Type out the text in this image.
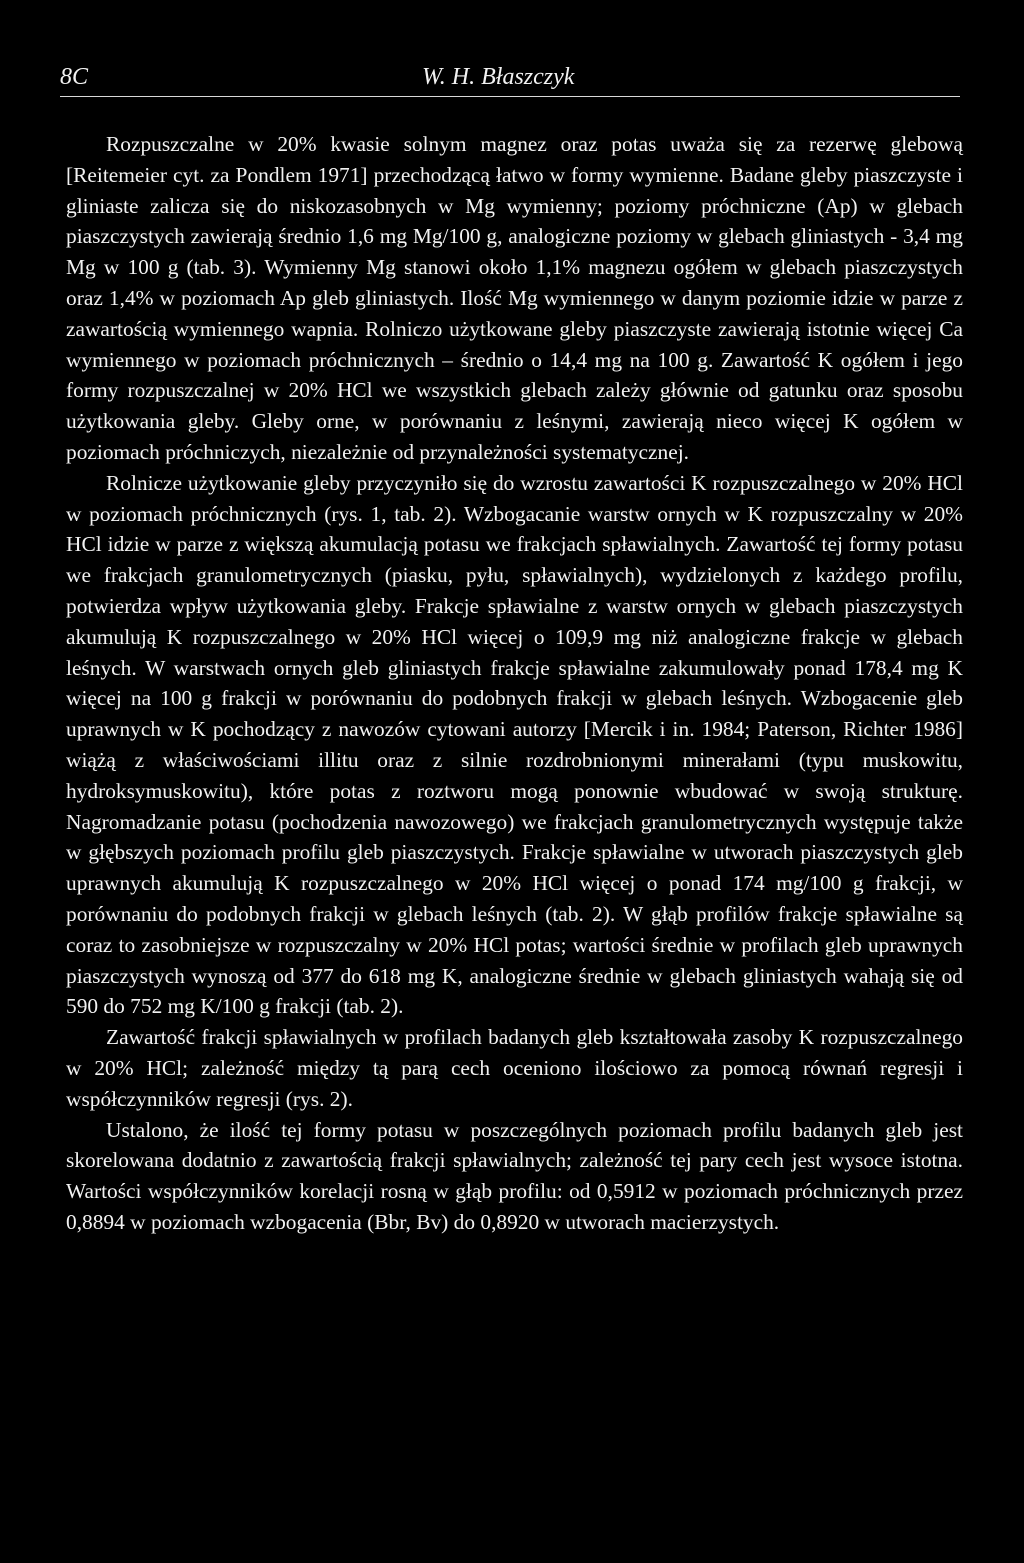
8C	W. H. Błaszczyk

Rozpuszczalne w 20% kwasie solnym magnez oraz potas uważa się za rezerwę glebową [Reitemeier cyt. za Pondlem 1971] przechodzącą łatwo w formy wymienne. Badane gleby piaszczyste i gliniaste zalicza się do niskozasobnych w Mg wymienny; poziomy próchniczne (Ap) w glebach piaszczystych zawierają średnio 1,6 mg Mg/100 g, analogiczne poziomy w glebach gliniastych - 3,4 mg Mg w 100 g (tab. 3). Wymienny Mg stanowi około 1,1% magnezu ogółem w glebach piaszczystych oraz 1,4% w poziomach Ap gleb gliniastych. Ilość Mg wymiennego w danym poziomie idzie w parze z zawartością wymiennego wapnia. Rolniczo użytkowane gleby piaszczyste zawierają istotnie więcej Ca wymiennego w poziomach próchnicznych – średnio o 14,4 mg na 100 g. Zawartość K ogółem i jego formy rozpuszczalnej w 20% HCl we wszystkich glebach zależy głównie od gatunku oraz sposobu użytkowania gleby. Gleby orne, w porównaniu z leśnymi, zawierają nieco więcej K ogółem w poziomach próchniczych, niezależnie od przynależności systematycznej.

Rolnicze użytkowanie gleby przyczyniło się do wzrostu zawartości K rozpuszczalnego w 20% HCl w poziomach próchnicznych (rys. 1, tab. 2). Wzbogacanie warstw ornych w K rozpuszczalny w 20% HCl idzie w parze z większą akumulacją potasu we frakcjach spławialnych. Zawartość tej formy potasu we frakcjach granulometrycznych (piasku, pyłu, spławialnych), wydzielonych z każdego profilu, potwierdza wpływ użytkowania gleby. Frakcje spławialne z warstw ornych w glebach piaszczystych akumulują K rozpuszczalnego w 20% HCl więcej o 109,9 mg niż analogiczne frakcje w glebach leśnych. W warstwach ornych gleb gliniastych frakcje spławialne zakumulowały ponad 178,4 mg K więcej na 100 g frakcji w porównaniu do podobnych frakcji w glebach leśnych. Wzbogacenie gleb uprawnych w K pochodzący z nawozów cytowani autorzy [Mercik i in. 1984; Paterson, Richter 1986] wiążą z właściwościami illitu oraz z silnie rozdrobnionymi minerałami (typu muskowitu, hydroksymuskowitu), które potas z roztworu mogą ponownie wbudować w swoją strukturę. Nagromadzanie potasu (pochodzenia nawozowego) we frakcjach granulometrycznych występuje także w głębszych poziomach profilu gleb piaszczystych. Frakcje spławialne w utworach piaszczystych gleb uprawnych akumulują K rozpuszczalnego w 20% HCl więcej o ponad 174 mg/100 g frakcji, w porównaniu do podobnych frakcji w glebach leśnych (tab. 2). W głąb profilów frakcje spławialne są coraz to zasobniejsze w rozpuszczalny w 20% HCl potas; wartości średnie w profilach gleb uprawnych piaszczystych wynoszą od 377 do 618 mg K, analogiczne średnie w glebach gliniastych wahają się od 590 do 752 mg K/100 g frakcji (tab. 2).

Zawartość frakcji spławialnych w profilach badanych gleb kształtowała zasoby K rozpuszczalnego w 20% HCl; zależność między tą parą cech oceniono ilościowo za pomocą równań regresji i współczynników regresji (rys. 2).

Ustalono, że ilość tej formy potasu w poszczególnych poziomach profilu badanych gleb jest skorelowana dodatnio z zawartością frakcji spławialnych; zależność tej pary cech jest wysoce istotna. Wartości współczynników korelacji rosną w głąb profilu: od 0,5912 w poziomach próchnicznych przez 0,8894 w poziomach wzbogacenia (Bbr, Bv) do 0,8920 w utworach macierzystych.
